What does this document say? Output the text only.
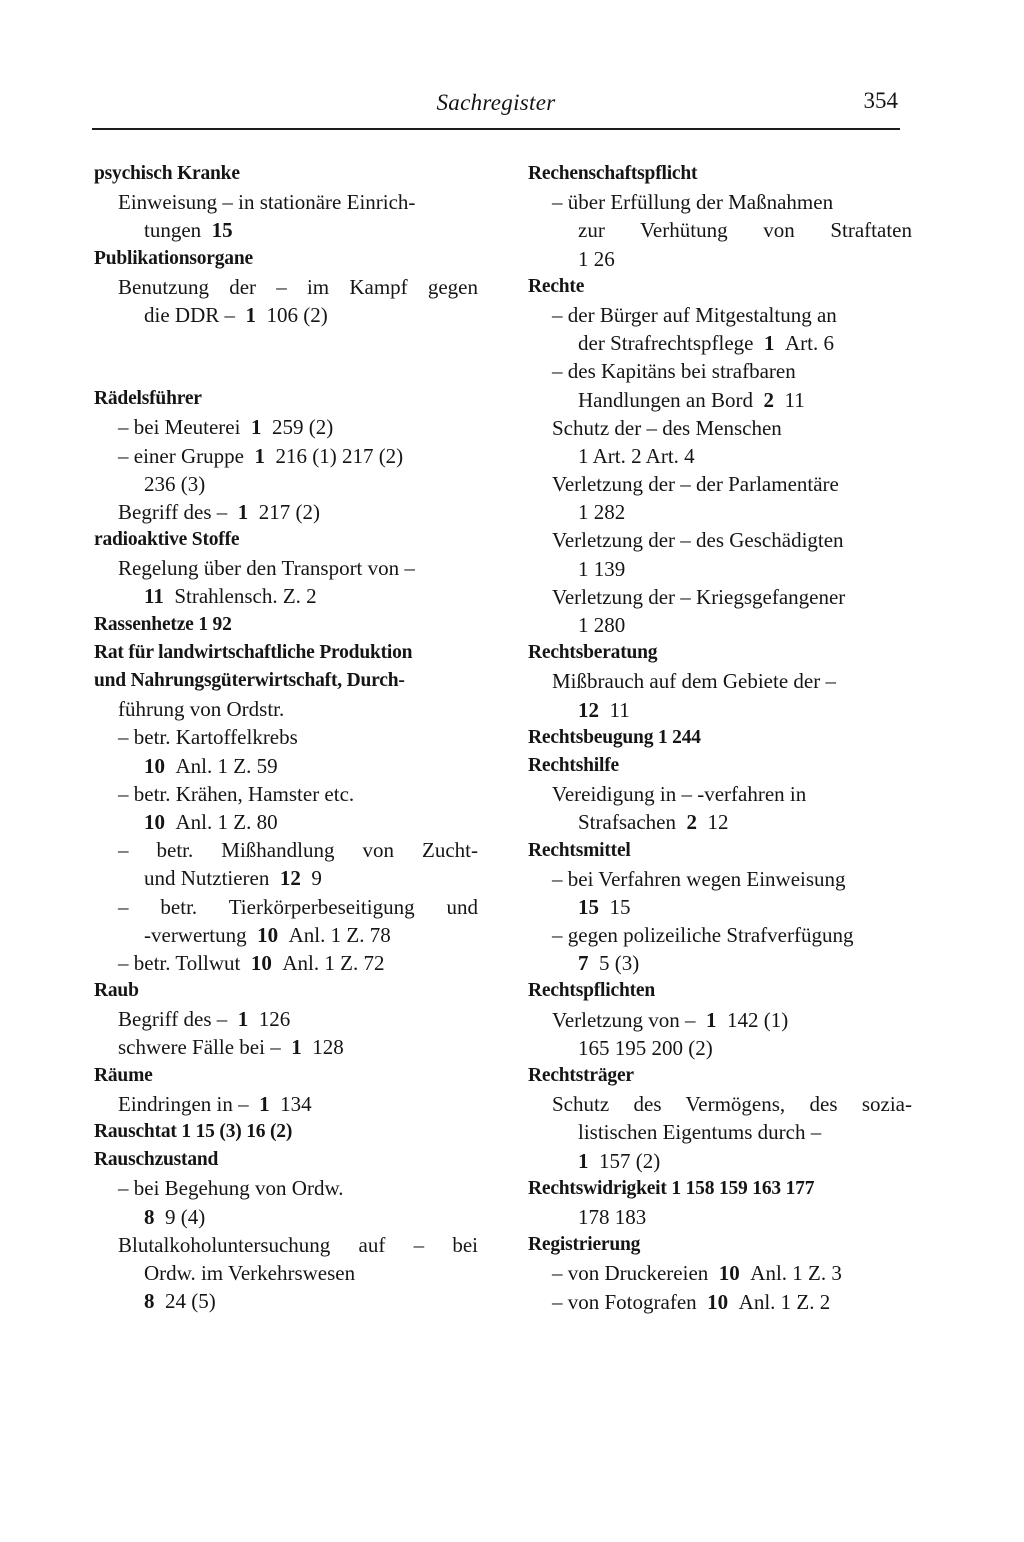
Sachregister	354
psychisch Kranke
Einweisung – in stationäre Einrich-
tungen 15
Publikationsorgane
Benutzung der – im Kampf gegen
die DDR – 1 106 (2)
Rädelsführer
– bei Meuterei 1 259 (2)
– einer Gruppe 1 216 (1) 217 (2)
236 (3)
Begriff des – 1 217 (2)
radioaktive Stoffe
Regelung über den Transport von –
11 Strahlensch. Z. 2
Rassenhetze 1 92
Rat für landwirtschaftliche Produktion
und Nahrungsgüterwirtschaft, Durch-
führung von Ordstr.
– betr. Kartoffelkrebs
10 Anl. 1 Z. 59
– betr. Krähen, Hamster etc.
10 Anl. 1 Z. 80
– betr. Mißhandlung von Zucht-
und Nutztieren 12 9
– betr. Tierkörperbeseitigung und
-verwertung 10 Anl. 1 Z. 78
– betr. Tollwut 10 Anl. 1 Z. 72
Raub
Begriff des – 1 126
schwere Fälle bei – 1 128
Räume
Eindringen in – 1 134
Rauschtat 1 15 (3) 16 (2)
Rauschzustand
– bei Begehung von Ordw.
8 9 (4)
Blutalkoholuntersuchung auf – bei
Ordw. im Verkehrswesen
8 24 (5)
Rechenschaftspflicht
– über Erfüllung der Maßnahmen
zur Verhütung von Straftaten
1 26
Rechte
– der Bürger auf Mitgestaltung an
der Strafrechtspflege 1 Art. 6
– des Kapitäns bei strafbaren
Handlungen an Bord 2 11
Schutz der – des Menschen
1 Art. 2 Art. 4
Verletzung der – der Parlamentäre
1 282
Verletzung der – des Geschädigten
1 139
Verletzung der – Kriegsgefangener
1 280
Rechtsberatung
Mißbrauch auf dem Gebiete der –
12 11
Rechtsbeugung 1 244
Rechtshilfe
Vereidigung in – -verfahren in
Strafsachen 2 12
Rechtsmittel
– bei Verfahren wegen Einweisung
15 15
– gegen polizeiliche Strafverfügung
7 5 (3)
Rechtspflichten
Verletzung von – 1 142 (1)
165 195 200 (2)
Rechtsträger
Schutz des Vermögens, des sozia-
listischen Eigentums durch –
1 157 (2)
Rechtswidrigkeit 1 158 159 163 177
178 183
Registrierung
– von Druckereien 10 Anl. 1 Z. 3
– von Fotografen 10 Anl. 1 Z. 2
